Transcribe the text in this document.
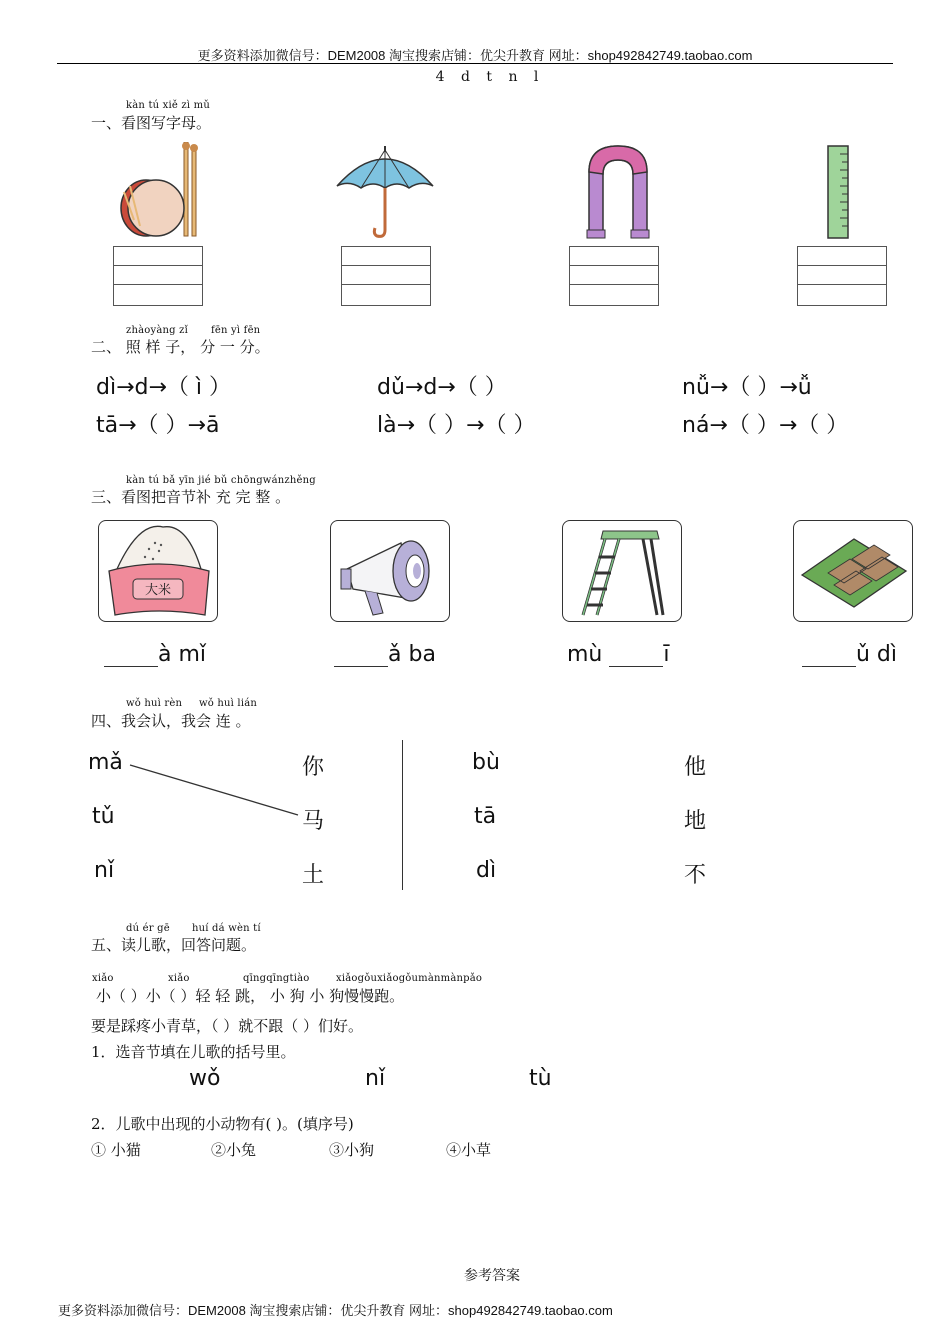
更多资料添加微信号：DEM2008 淘宝搜索店铺：优尖升教育 网址：shop492842749.taobao.com
4 d t n l
kàn tú xiě zì mǔ
一、看图写字母。
zhàoyàng zǐ fēn yì fēn
二、 照 样 子， 分 一 分。
dì→d→（ ì ）	dǔ→d→（ ）	nǚ→（ ）→ǚ
tā→（ ）→ā	là→（ ）→（ ）	ná→（ ）→（ ）
kàn tú bǎ yīn jié bǔ chōngwánzhěng
三、看图把音节补 充 完 整 。
大米
à mǐ	ǎ ba	mù	ī	ǔ dì
wǒ huì rèn wǒ huì lián
四、我会认，我会 连 。
mǎ
tǔ
nǐ
你
马
土
bù
tā
dì
他
地
不
dú ér gē huí dá wèn tí
五、读儿歌，回答问题。
xiǎo	xiǎo	qīngqīngtiào	xiǎogǒuxiǎogǒumànmànpǎo
小（ ）小（ ）轻 轻 跳， 小 狗 小 狗慢慢跑。
要是踩疼小青草，（ ）就不跟（ ）们好。
1．选音节填在儿歌的括号里。
wǒ	nǐ	tù
2．儿歌中出现的小动物有( )。(填序号)
① 小猫	②小兔	③小狗	④小草
参考答案
更多资料添加微信号：DEM2008 淘宝搜索店铺：优尖升教育 网址：shop492842749.taobao.com
